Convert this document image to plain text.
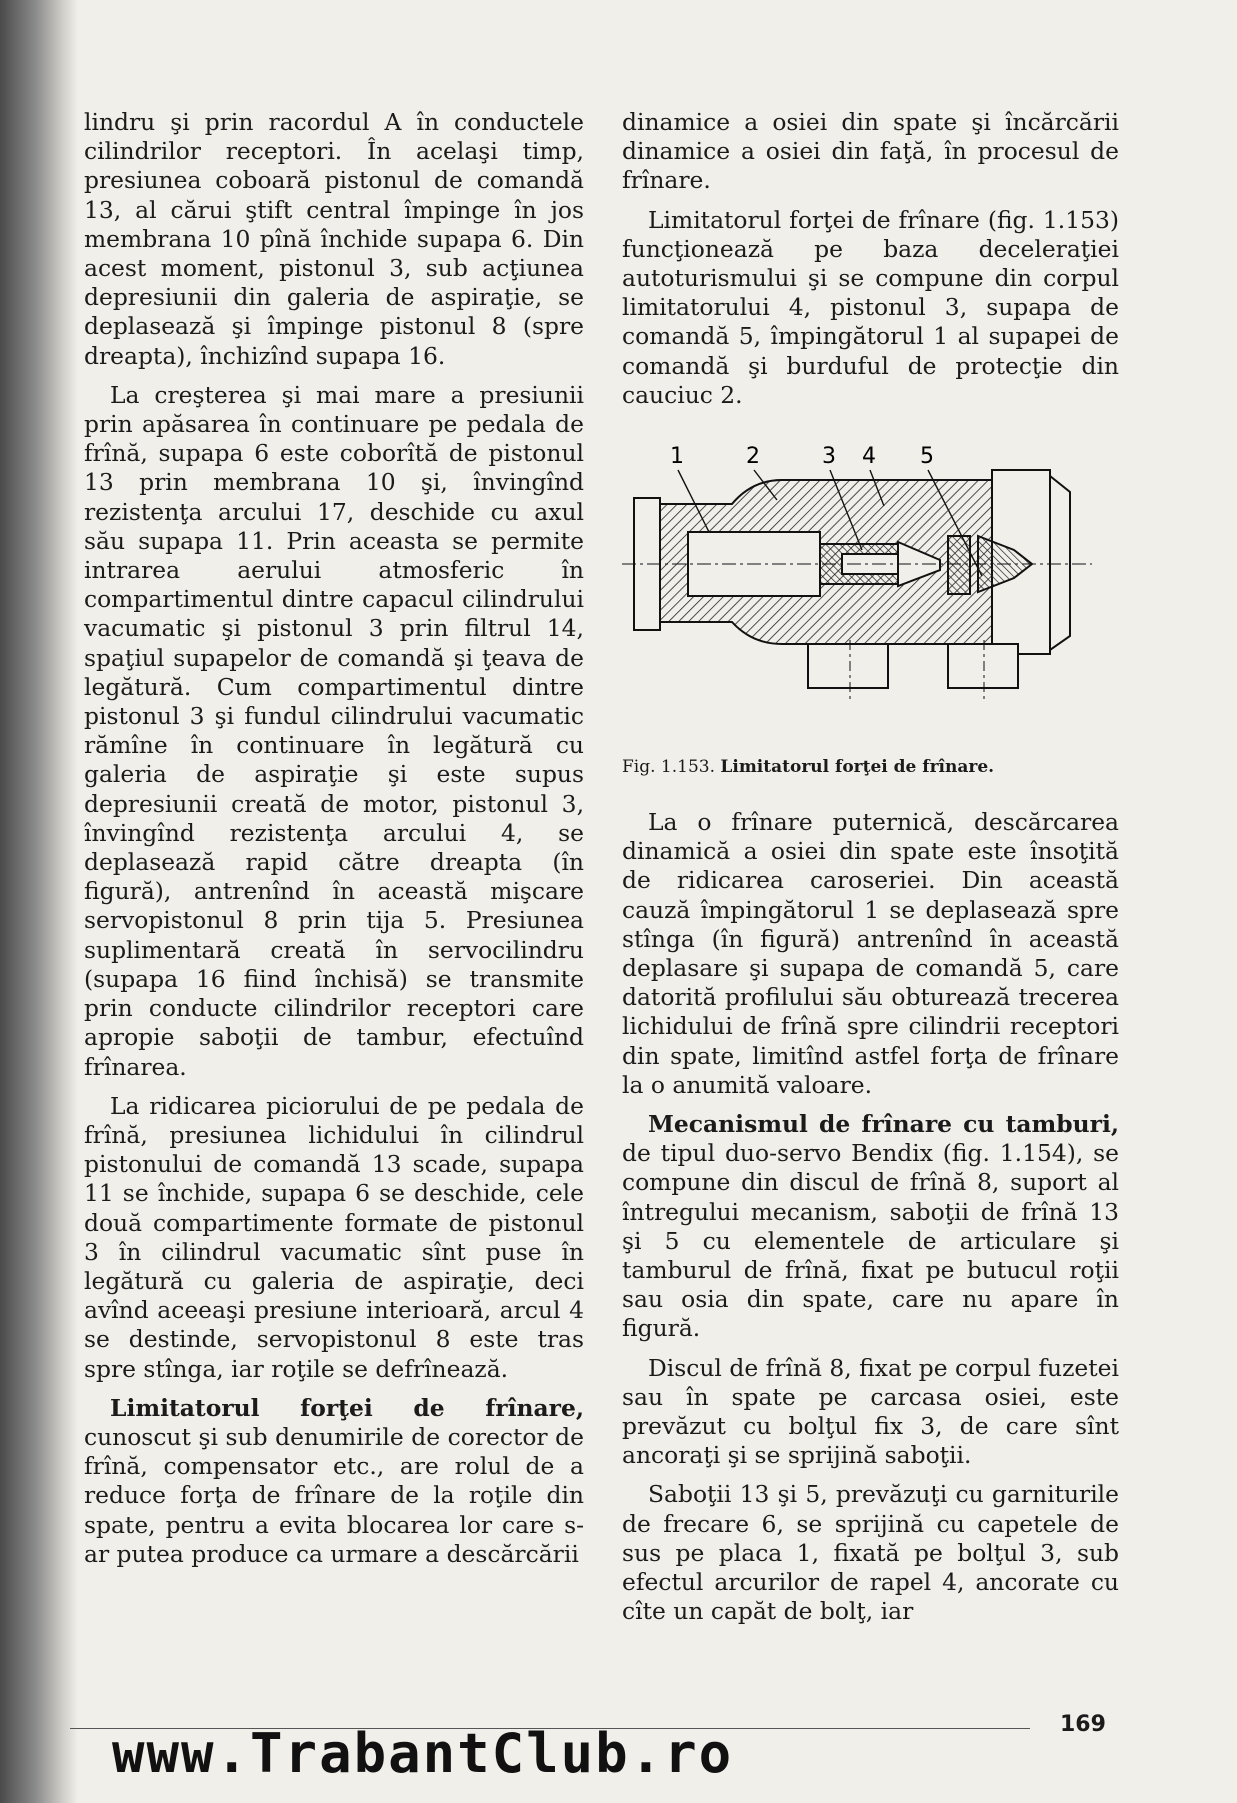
lindru şi prin racordul A în conductele cilindrilor receptori. În acelaşi timp, presiunea coboară pistonul de comandă 13, al cărui ştift central împinge în jos membrana 10 pînă închide supapa 6. Din acest moment, pistonul 3, sub acţiunea depresiunii din galeria de aspiraţie, se deplasează şi împinge pistonul 8 (spre dreapta), închizînd supapa 16.

La creşterea şi mai mare a presiunii prin apăsarea în continuare pe pedala de frînă, supapa 6 este coborîtă de pistonul 13 prin membrana 10 şi, învingînd rezistenţa arcului 17, deschide cu axul său supapa 11. Prin aceasta se permite intrarea aerului atmosferic în compartimentul dintre capacul cilindrului vacumatic şi pistonul 3 prin filtrul 14, spaţiul supapelor de comandă şi ţeava de legătură. Cum compartimentul dintre pistonul 3 şi fundul cilindrului vacumatic rămîne în continuare în legătură cu galeria de aspiraţie şi este supus depresiunii creată de motor, pistonul 3, învingînd rezistenţa arcului 4, se deplasează rapid către dreapta (în figură), antrenînd în această mişcare servopistonul 8 prin tija 5. Presiunea suplimentară creată în servocilindru (supapa 16 fiind închisă) se transmite prin conducte cilindrilor receptori care apropie saboţii de tambur, efectuînd frînarea.

La ridicarea piciorului de pe pedala de frînă, presiunea lichidului în cilindrul pistonului de comandă 13 scade, supapa 11 se închide, supapa 6 se deschide, cele două compartimente formate de pistonul 3 în cilindrul vacumatic sînt puse în legătură cu galeria de aspiraţie, deci avînd aceeaşi presiune interioară, arcul 4 se destinde, servopistonul 8 este tras spre stînga, iar roţile se defrînează.

Limitatorul forţei de frînare, cunoscut şi sub denumirile de corector de frînă, compensator etc., are rolul de a reduce forţa de frînare de la roţile din spate, pentru a evita blocarea lor care s-ar putea produce ca urmare a descărcării

dinamice a osiei din spate şi încărcării dinamice a osiei din faţă, în procesul de frînare.

Limitatorul forţei de frînare (fig. 1.153) funcţionează pe baza deceleraţiei autoturismului şi se compune din corpul limitatorului 4, pistonul 3, supapa de comandă 5, împingătorul 1 al supapei de comandă şi burduful de protecţie din cauciuc 2.

1	2	3 4 5
Fig. 1.153. Limitatorul forţei de frînare.

La o frînare puternică, descărcarea dinamică a osiei din spate este însoţită de ridicarea caroseriei. Din această cauză împingătorul 1 se deplasează spre stînga (în figură) antrenînd în această deplasare şi supapa de comandă 5, care datorită profilului său obturează trecerea lichidului de frînă spre cilindrii receptori din spate, limitînd astfel forţa de frînare la o anumită valoare.

Mecanismul de frînare cu tamburi, de tipul duo-servo Bendix (fig. 1.154), se compune din discul de frînă 8, suport al întregului mecanism, saboţii de frînă 13 şi 5 cu elementele de articulare şi tamburul de frînă, fixat pe butucul roţii sau osia din spate, care nu apare în figură.

Discul de frînă 8, fixat pe corpul fuzetei sau în spate pe carcasa osiei, este prevăzut cu bolţul fix 3, de care sînt ancoraţi şi se sprijină saboţii.

Saboţii 13 şi 5, prevăzuţi cu garniturile de frecare 6, se sprijină cu capetele de sus pe placa 1, fixată pe bolţul 3, sub efectul arcurilor de rapel 4, ancorate cu cîte un capăt de bolţ, iar

169
www.TrabantClub.ro
